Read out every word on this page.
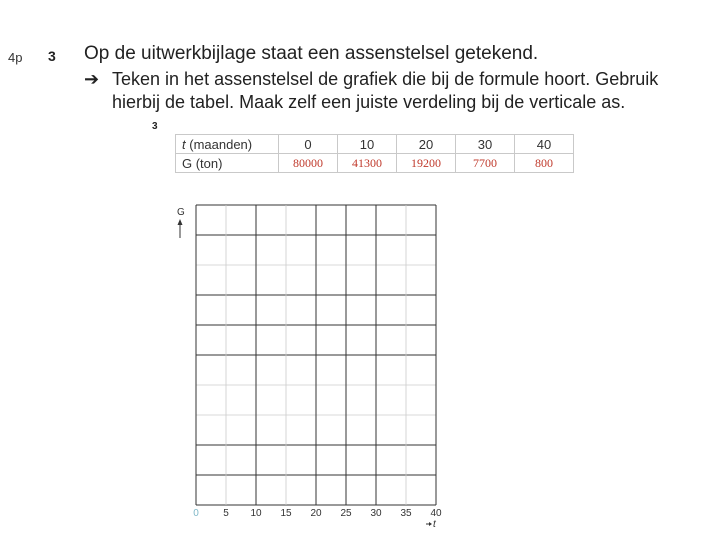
4p 3 Op de uitwerkbijlage staat een assenstelsel getekend.
➔ Teken in het assenstelsel de grafiek die bij de formule hoort. Gebruik
hierbij de tabel. Maak zelf een juiste verdeling bij de verticale as.
3
t (maanden)	0	10	20	30	40
G (ton)	80000	41300	19200	7700	800
0 5 10 15 20 25 30 35 40
G
t
